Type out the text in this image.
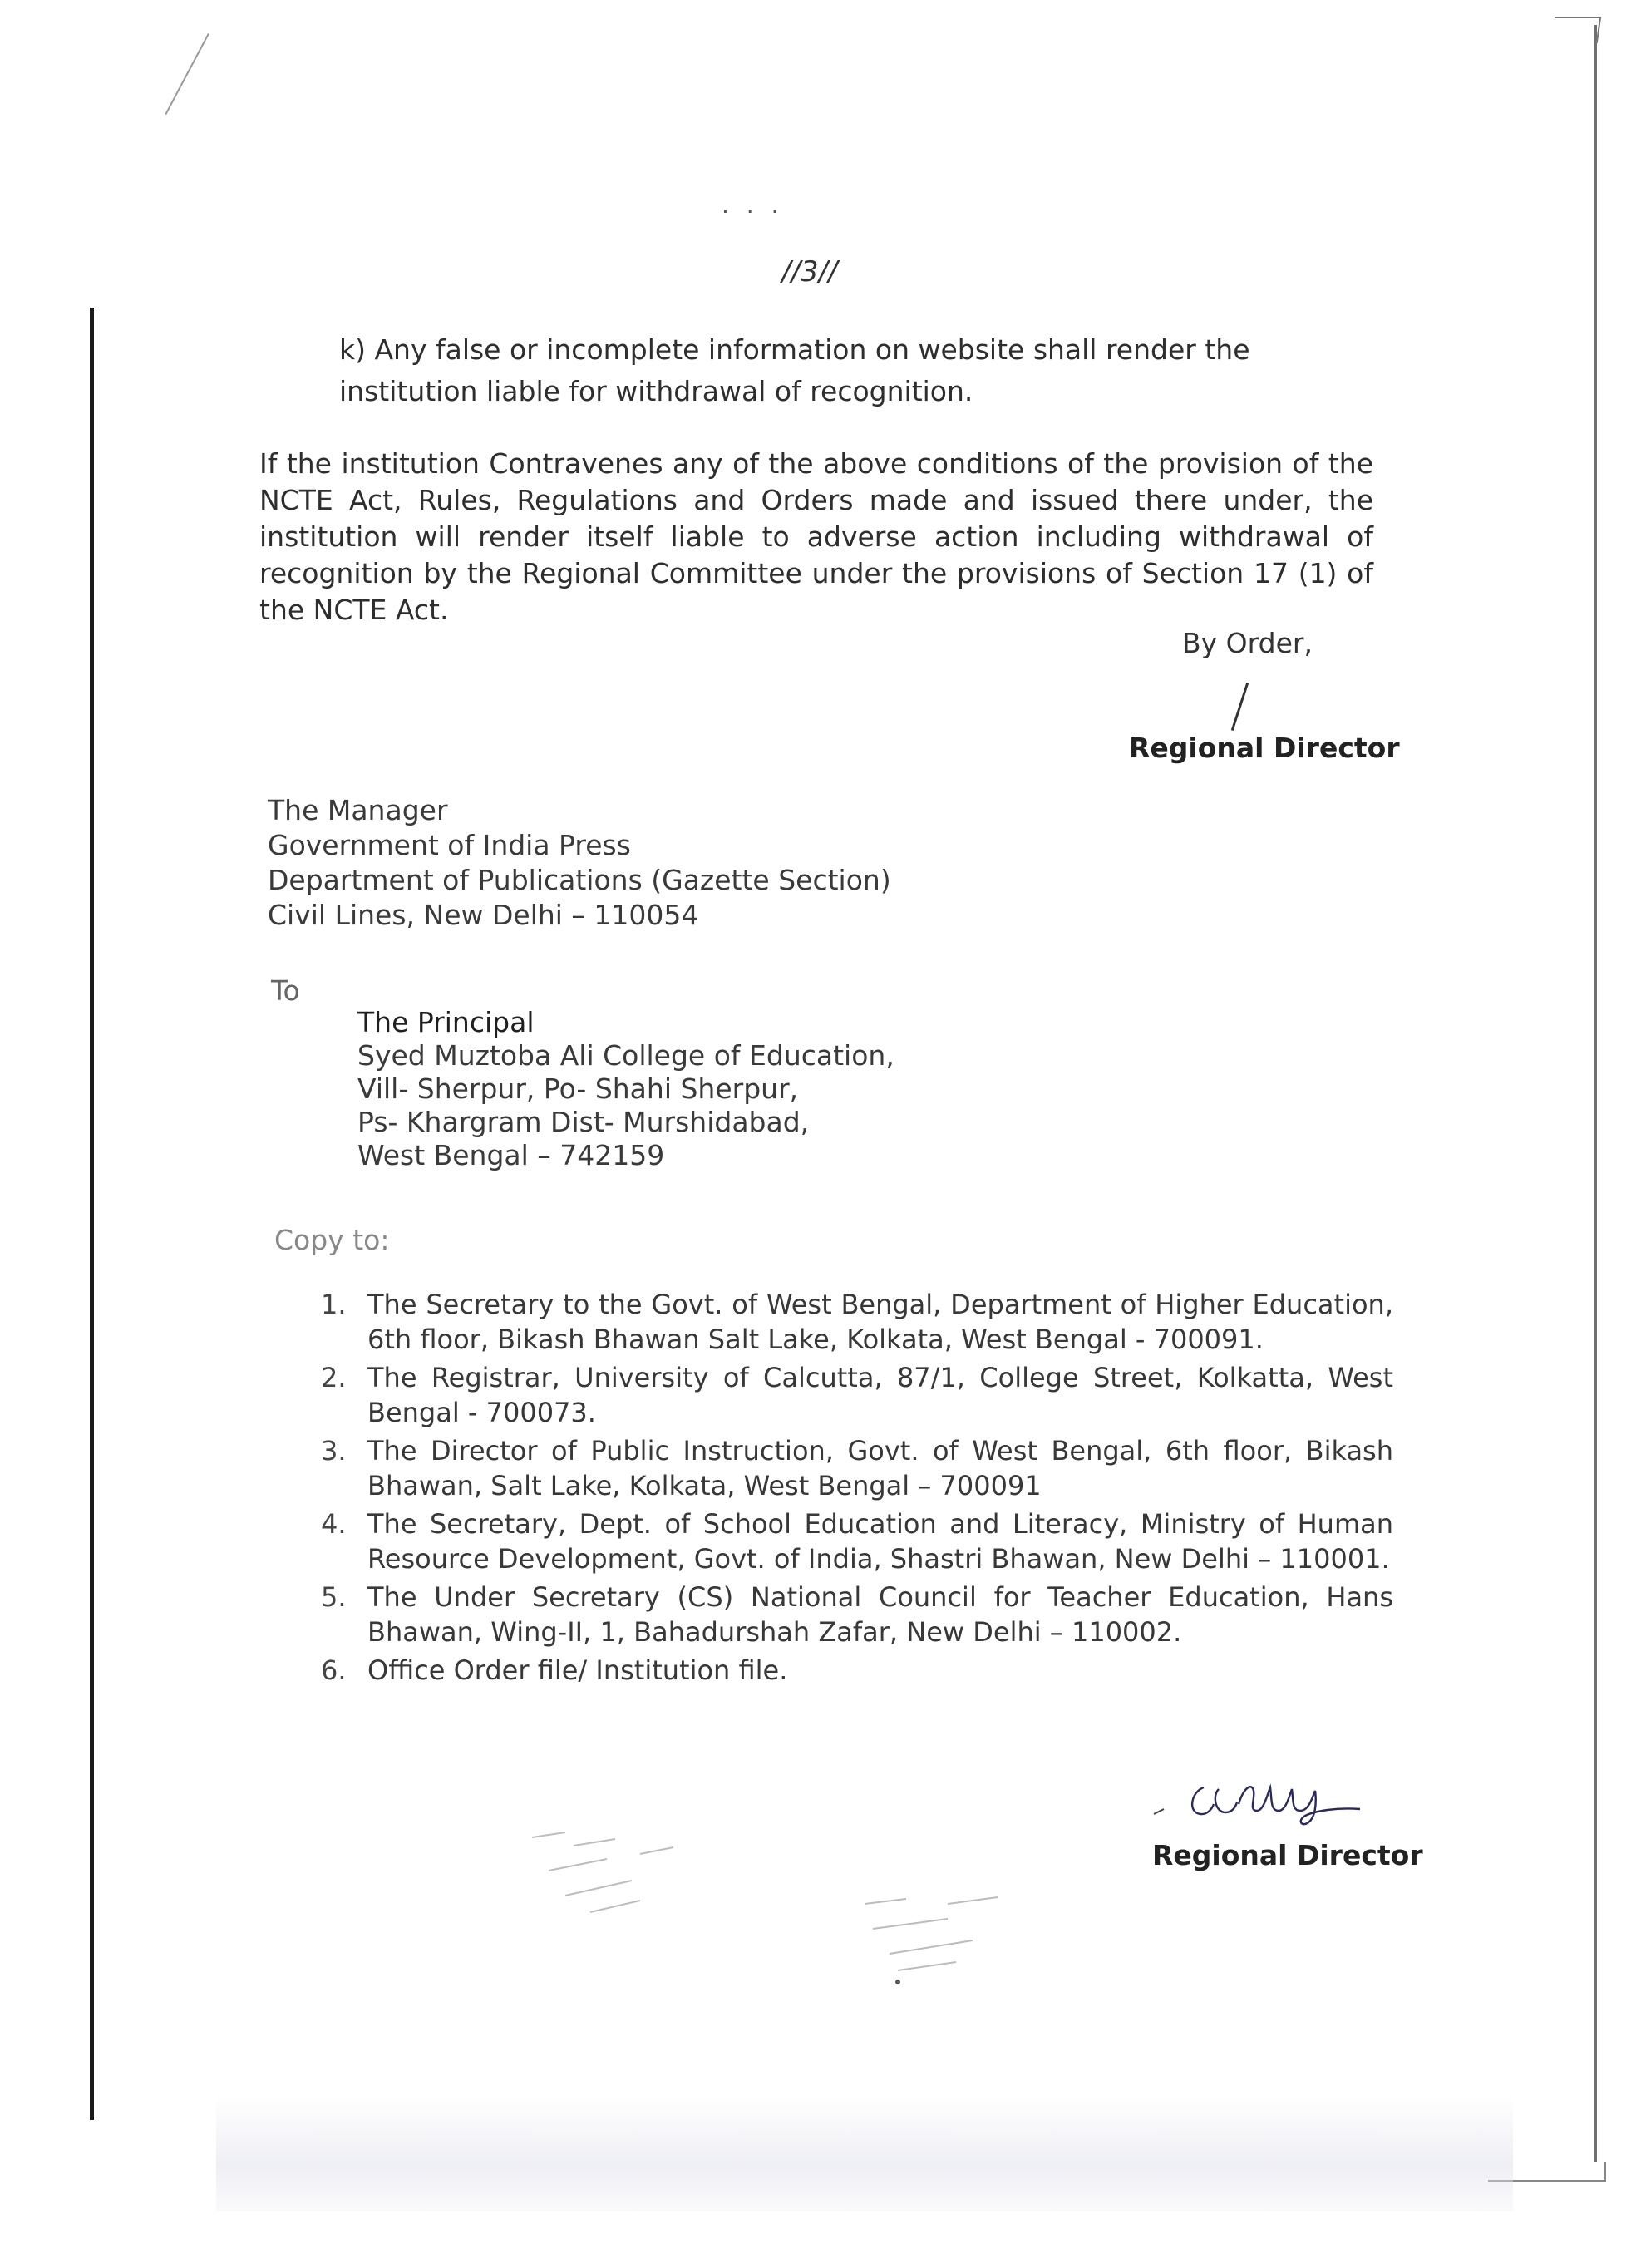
· · ·
//3//
k) Any false or incomplete information on website shall render the institution liable for withdrawal of recognition.
If the institution Contravenes any of the above conditions of the provision of the NCTE Act, Rules, Regulations and Orders made and issued there under, the institution will render itself liable to adverse action including withdrawal of recognition by the Regional Committee under the provisions of Section 17 (1) of the NCTE Act.
By Order,
Regional Director
The Manager
Government of India Press
Department of Publications (Gazette Section)
Civil Lines, New Delhi – 110054
To
The Principal
Syed Muztoba Ali College of Education,
Vill- Sherpur, Po- Shahi Sherpur,
Ps- Khargram Dist- Murshidabad,
West Bengal – 742159
Copy to:
1. The Secretary to the Govt. of West Bengal, Department of Higher Education, 6th floor, Bikash Bhawan Salt Lake, Kolkata, West Bengal - 700091.
2. The Registrar, University of Calcutta, 87/1, College Street, Kolkatta, West Bengal - 700073.
3. The Director of Public Instruction, Govt. of West Bengal, 6th floor, Bikash Bhawan, Salt Lake, Kolkata, West Bengal – 700091
4. The Secretary, Dept. of School Education and Literacy, Ministry of Human Resource Development, Govt. of India, Shastri Bhawan, New Delhi – 110001.
5. The Under Secretary (CS) National Council for Teacher Education, Hans Bhawan, Wing-II, 1, Bahadurshah Zafar, New Delhi – 110002.
6. Office Order file/ Institution file.
Regional Director
